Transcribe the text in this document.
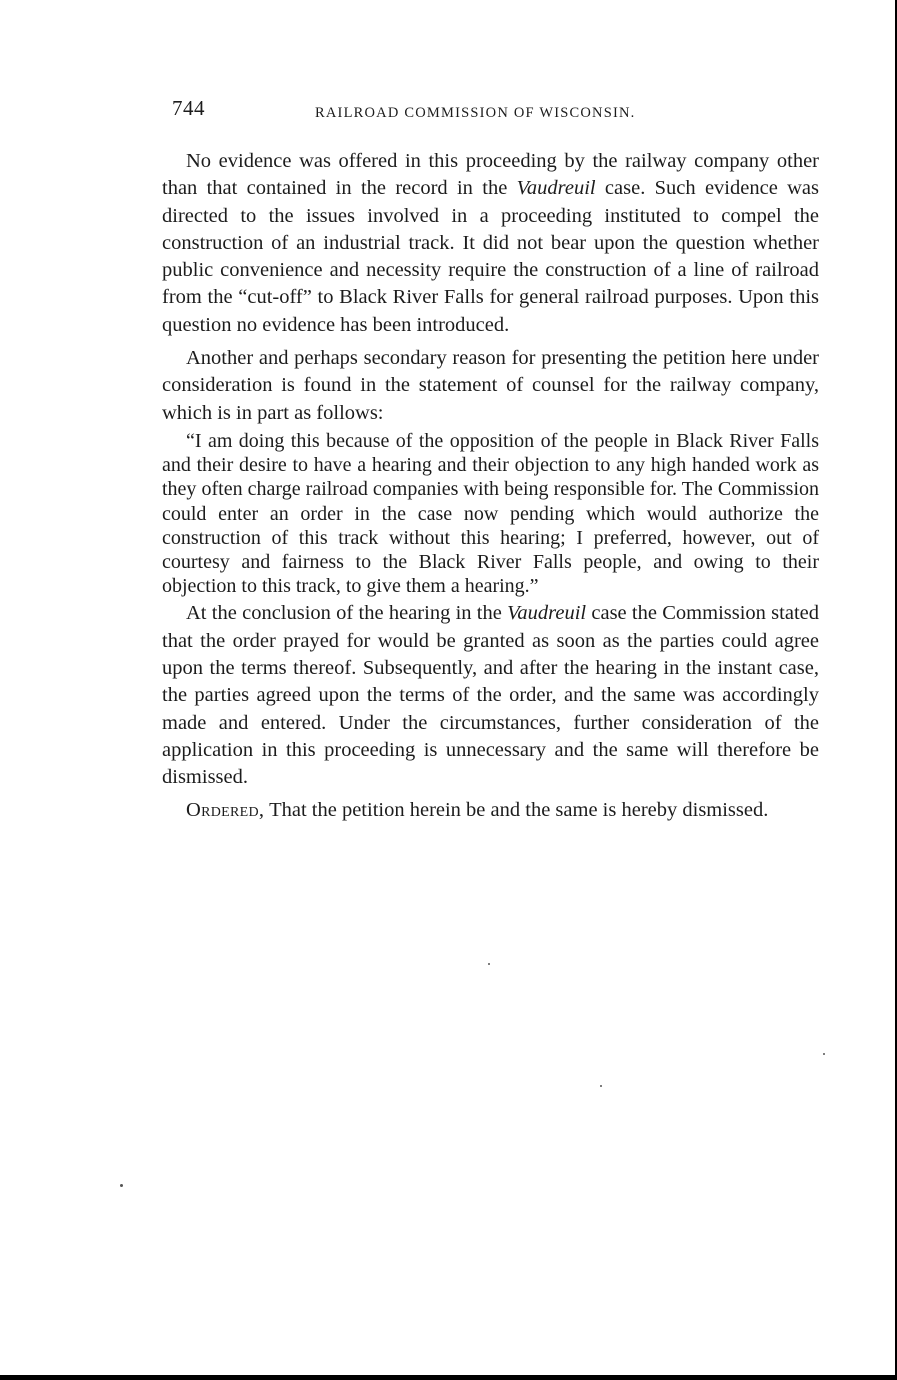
744	RAILROAD COMMISSION OF WISCONSIN.

No evidence was offered in this proceeding by the railway company other than that contained in the record in the Vaudreuil case. Such evidence was directed to the issues involved in a proceeding instituted to compel the construction of an industrial track. It did not bear upon the question whether public convenience and necessity require the construction of a line of railroad from the “cut-off” to Black River Falls for general railroad purposes. Upon this question no evidence has been introduced.

Another and perhaps secondary reason for presenting the petition here under consideration is found in the statement of counsel for the railway company, which is in part as follows:

“I am doing this because of the opposition of the people in Black River Falls and their desire to have a hearing and their objection to any high handed work as they often charge railroad companies with being responsible for. The Commission could enter an order in the case now pending which would authorize the construction of this track without this hearing; I preferred, however, out of courtesy and fairness to the Black River Falls people, and owing to their objection to this track, to give them a hearing.”

At the conclusion of the hearing in the Vaudreuil case the Commission stated that the order prayed for would be granted as soon as the parties could agree upon the terms thereof. Subsequently, and after the hearing in the instant case, the parties agreed upon the terms of the order, and the same was accordingly made and entered. Under the circumstances, further consideration of the application in this proceeding is unnecessary and the same will therefore be dismissed.

Ordered, That the petition herein be and the same is hereby dismissed.
